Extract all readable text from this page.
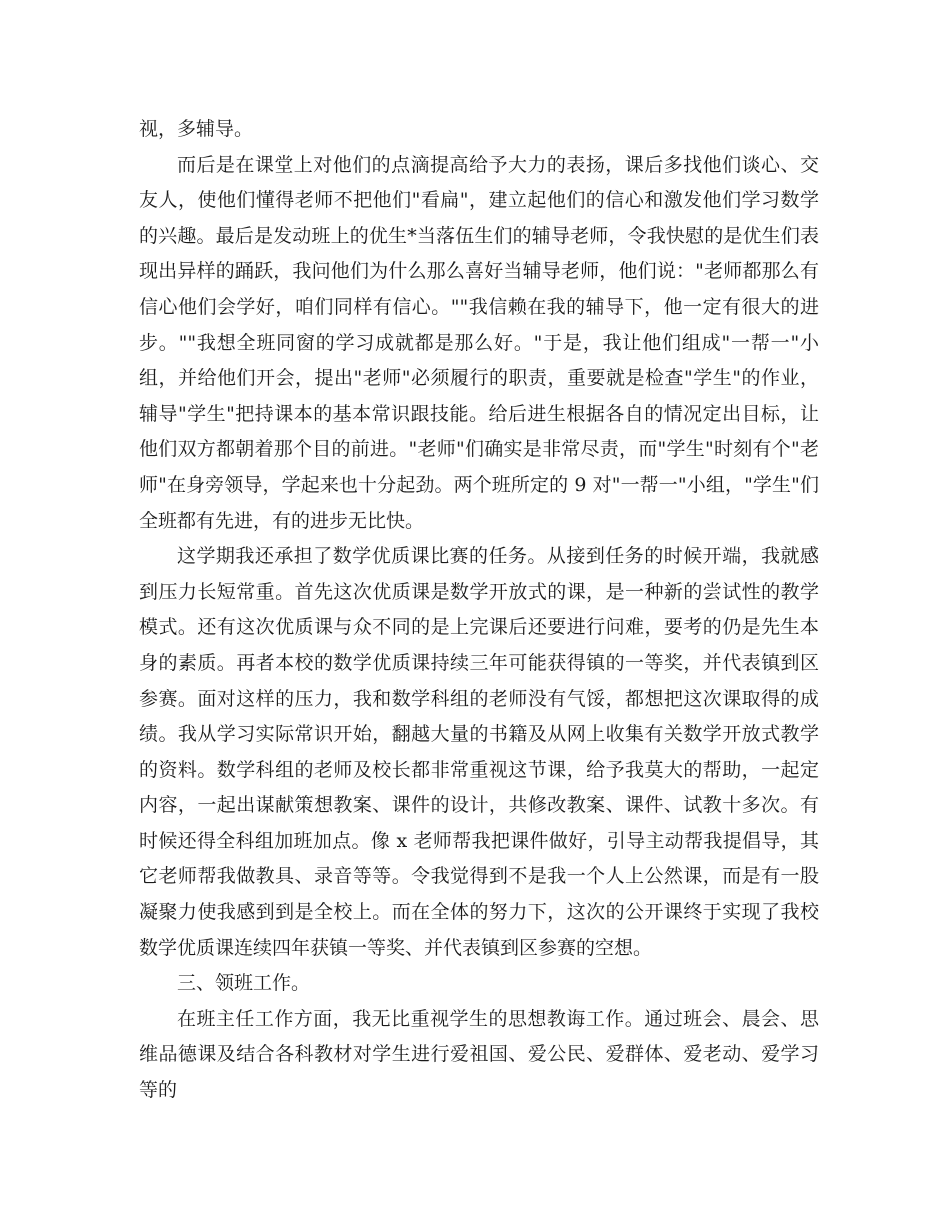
视，多辅导。

而后是在课堂上对他们的点滴提高给予大力的表扬，课后多找他们谈心、交友人，使他们懂得老师不把他们"看扁"，建立起他们的信心和激发他们学习数学的兴趣。最后是发动班上的优生*当落伍生们的辅导老师，令我快慰的是优生们表现出异样的踊跃，我问他们为什么那么喜好当辅导老师，他们说："老师都那么有信心他们会学好，咱们同样有信心。""我信赖在我的辅导下，他一定有很大的进步。""我想全班同窗的学习成就都是那么好。"于是，我让他们组成"一帮一"小组，并给他们开会，提出"老师"必须履行的职责，重要就是检查"学生"的作业，辅导"学生"把持课本的基本常识跟技能。给后进生根据各自的情况定出目标，让他们双方都朝着那个目的前进。"老师"们确实是非常尽责，而"学生"时刻有个"老师"在身旁领导，学起来也十分起劲。两个班所定的 9 对"一帮一"小组，"学生"们全班都有先进，有的进步无比快。

这学期我还承担了数学优质课比赛的任务。从接到任务的时候开端，我就感到压力长短常重。首先这次优质课是数学开放式的课，是一种新的尝试性的教学模式。还有这次优质课与众不同的是上完课后还要进行问难，要考的仍是先生本身的素质。再者本校的数学优质课持续三年可能获得镇的一等奖，并代表镇到区参赛。面对这样的压力，我和数学科组的老师没有气馁，都想把这次课取得的成绩。我从学习实际常识开始，翻越大量的书籍及从网上收集有关数学开放式教学的资料。数学科组的老师及校长都非常重视这节课，给予我莫大的帮助，一起定内容，一起出谋献策想教案、课件的设计，共修改教案、课件、试教十多次。有时候还得全科组加班加点。像 x 老师帮我把课件做好，引导主动帮我提倡导，其它老师帮我做教具、录音等等。令我觉得到不是我一个人上公然课，而是有一股凝聚力使我感到到是全校上。而在全体的努力下，这次的公开课终于实现了我校数学优质课连续四年获镇一等奖、并代表镇到区参赛的空想。

三、领班工作。

在班主任工作方面，我无比重视学生的思想教诲工作。通过班会、晨会、思维品德课及结合各科教材对学生进行爱祖国、爱公民、爱群体、爱老动、爱学习等的
